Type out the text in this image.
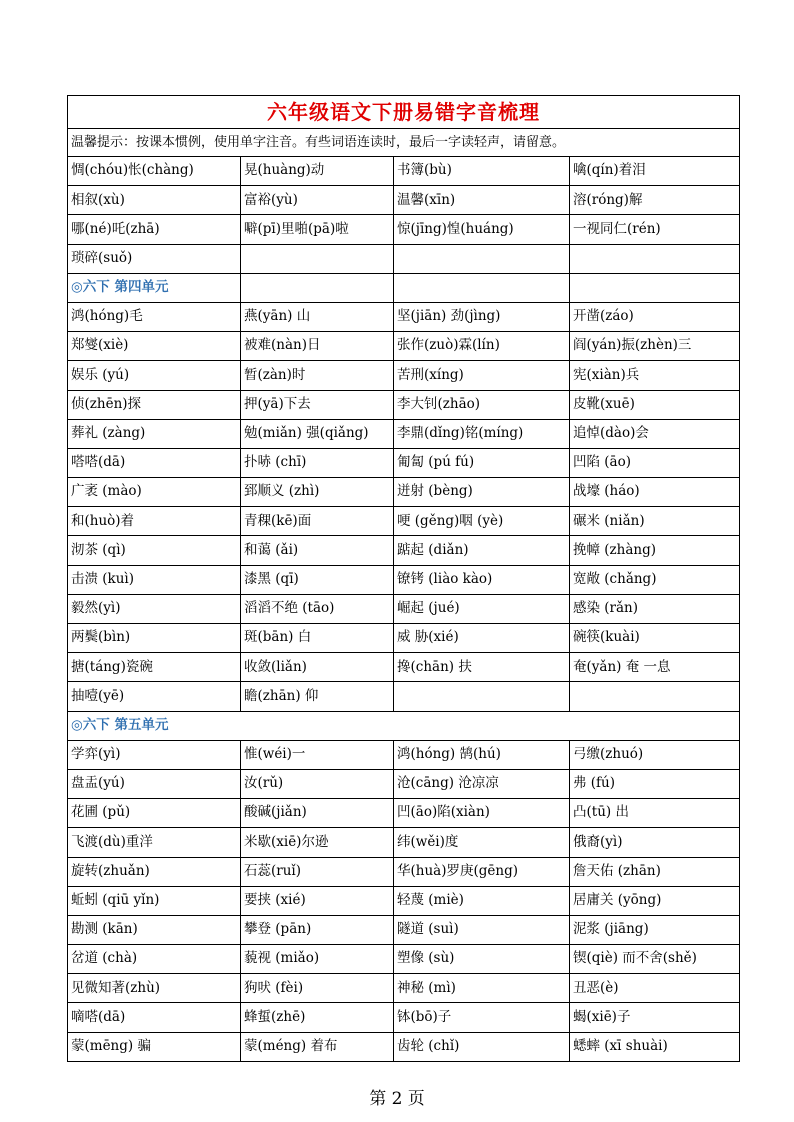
六年级语文下册易错字音梳理			
温馨提示：按课本惯例，使用单字注音。有些词语连读时，最后一字读轻声，请留意。			
惆(chóu)怅(chàng)	晃(huàng)动	书簿(bù)	噙(qín)着泪
相叙(xù)	富裕(yù)	温馨(xīn)	溶(róng)解
哪(né)吒(zhā)	噼(pī)里啪(pā)啦	惊(jīng)惶(huáng)	一视同仁(rén)
琐碎(suǒ)			
◎六下 第四单元			
鸿(hóng)毛	燕(yān) 山	坚(jiān) 劲(jìng)	开凿(záo)
郑燮(xiè)	被难(nàn)日	张作(zuò)霖(lín)	阎(yán)振(zhèn)三
娱乐 (yú)	暂(zàn)时	苦刑(xíng)	宪(xiàn)兵
侦(zhēn)探	押(yā)下去	李大钊(zhāo)	皮靴(xuē)
葬礼 (zàng)	勉(miǎn) 强(qiǎng)	李鼎(dǐng)铭(míng)	追悼(dào)会
嗒嗒(dā)	扑哧 (chī)	匍匐 (pú fú)	凹陷 (āo)
广袤 (mào)	郅顺义 (zhì)	迸射 (bèng)	战壕 (háo)
和(huò)着	青稞(kē)面	哽 (gěng)咽 (yè)	碾米 (niǎn)
沏茶 (qì)	和蔼 (ǎi)	踮起 (diǎn)	挽幛 (zhàng)
击溃 (kuì)	漆黑 (qī)	镣铐 (liào kào)	宽敞 (chǎng)
毅然(yì)	滔滔不绝 (tāo)	崛起 (jué)	感染 (rǎn)
两鬓(bìn)	斑(bān) 白	威 胁(xié)	碗筷(kuài)
搪(táng)瓷碗	收敛(liǎn)	搀(chān) 扶	奄(yǎn) 奄 一息
抽噎(yē)	瞻(zhān) 仰		
◎六下 第五单元			
学弈(yì)	惟(wéi)一	鸿(hóng) 鹄(hú)	弓缴(zhuó)
盘盂(yú)	汝(rǔ)	沧(cāng) 沧凉凉	弗 (fú)
花圃 (pǔ)	酸碱(jiǎn)	凹(āo)陷(xiàn)	凸(tū) 出
飞渡(dù)重洋	米歇(xiē)尔逊	纬(wěi)度	俄裔(yì)
旋转(zhuǎn)	石蕊(ruǐ)	华(huà)罗庚(gēng)	詹天佑 (zhān)
蚯蚓 (qiū yǐn)	要挟 (xié)	轻蔑 (miè)	居庸关 (yōng)
勘测 (kān)	攀登 (pān)	隧道 (suì)	泥浆 (jiāng)
岔道 (chà)	藐视 (miǎo)	塑像 (sù)	锲(qiè) 而不舍(shě)
见微知著(zhù)	狗吠 (fèi)	神秘 (mì)	丑恶(è)
嘀嗒(dā)	蜂蜇(zhē)	钵(bō)子	蝎(xiē)子
蒙(mēng) 骗	蒙(méng) 着布	齿轮 (chǐ)	蟋蟀 (xī shuài)
第 2 页
